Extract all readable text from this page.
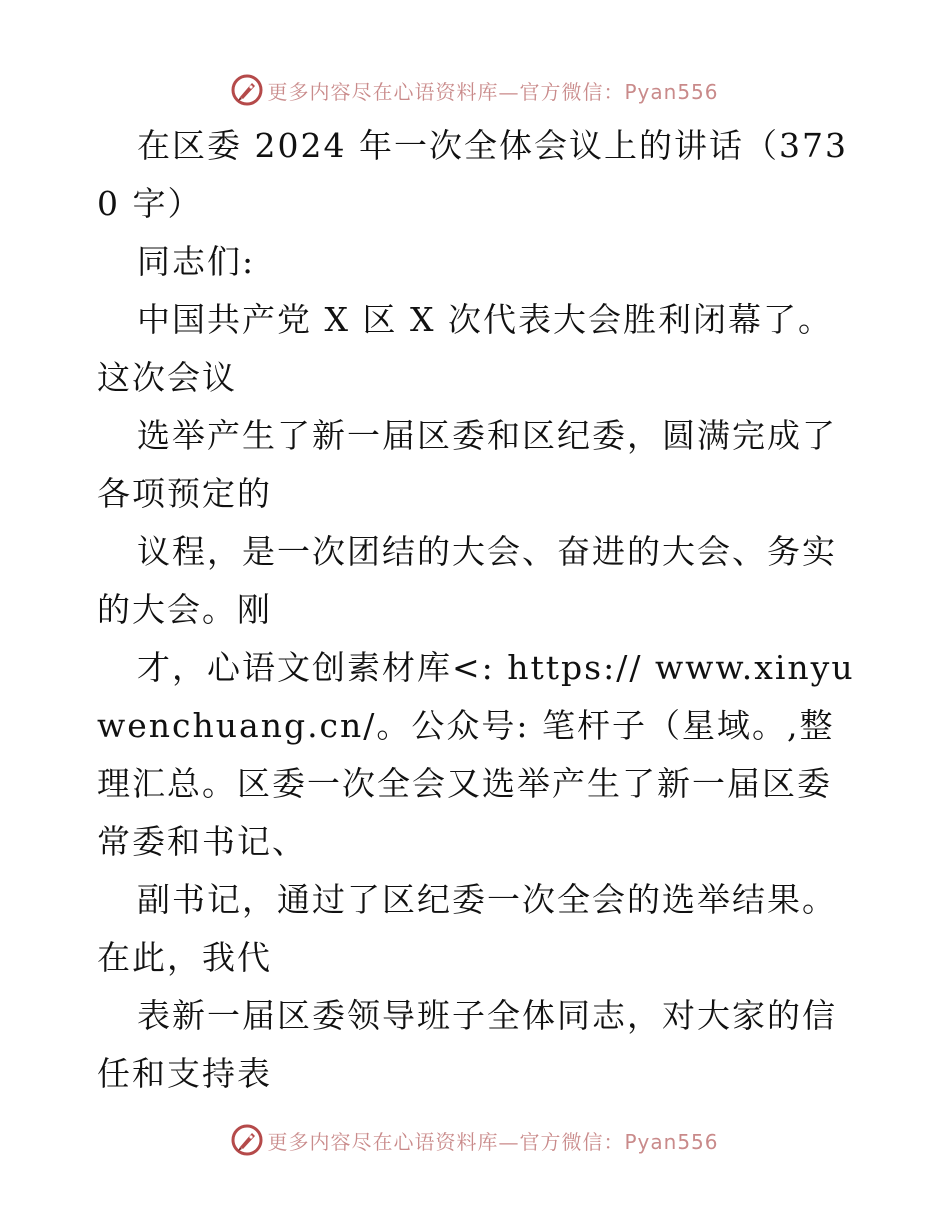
更多内容尽在心语资料库—官方微信：Pyan556

在区委 2024 年一次全体会议上的讲话（3730 字）

同志们:

中国共产党 X 区 X 次代表大会胜利闭幕了。这次会议

选举产生了新一届区委和区纪委，圆满完成了各项预定的

议程，是一次团结的大会、奋进的大会、务实的大会。刚

才，心语文创素材库<: https:// www.xinyuwenchuang.cn/。公众号: 笔杆子（星域。,整理汇总。区委一次全会又选举产生了新一届区委常委和书记、

副书记，通过了区纪委一次全会的选举结果。在此，我代

表新一届区委领导班子全体同志，对大家的信任和支持表

更多内容尽在心语资料库—官方微信：Pyan556
